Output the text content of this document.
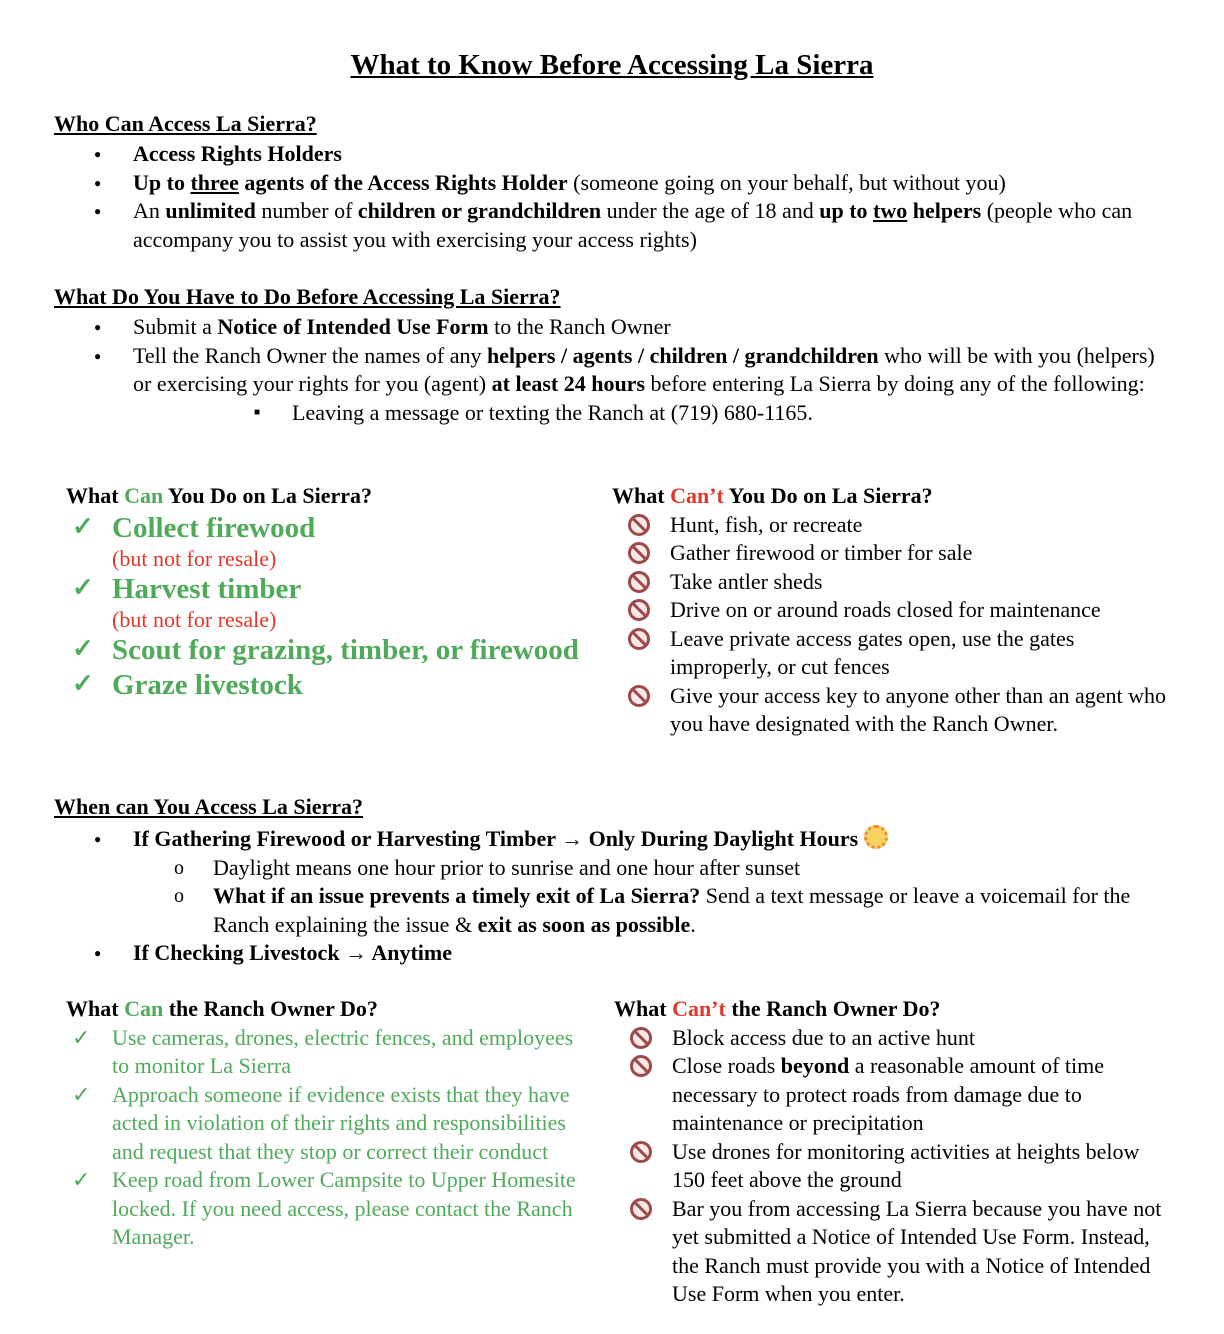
What to Know Before Accessing La Sierra
Who Can Access La Sierra?
● Access Rights Holders
● Up to three agents of the Access Rights Holder (someone going on your behalf, but without you)
● An unlimited number of children or grandchildren under the age of 18 and up to two helpers (people who can accompany you to assist you with exercising your access rights)
What Do You Have to Do Before Accessing La Sierra?
● Submit a Notice of Intended Use Form to the Ranch Owner
● Tell the Ranch Owner the names of any helpers / agents / children / grandchildren who will be with you (helpers) or exercising your rights for you (agent) at least 24 hours before entering La Sierra by doing any of the following:
■ Leaving a message or texting the Ranch at (719) 680-1165.
What Can You Do on La Sierra?
✓ Collect firewood
(but not for resale)
✓ Harvest timber
(but not for resale)
✓ Scout for grazing, timber, or firewood
✓ Graze livestock
What Can’t You Do on La Sierra?
Hunt, fish, or recreate
Gather firewood or timber for sale
Take antler sheds
Drive on or around roads closed for maintenance
Leave private access gates open, use the gates improperly, or cut fences
Give your access key to anyone other than an agent who you have designated with the Ranch Owner.
When can You Access La Sierra?
● If Gathering Firewood or Harvesting Timber → Only During Daylight Hours
o Daylight means one hour prior to sunrise and one hour after sunset
o What if an issue prevents a timely exit of La Sierra? Send a text message or leave a voicemail for the Ranch explaining the issue & exit as soon as possible.
● If Checking Livestock → Anytime
What Can the Ranch Owner Do?
✓ Use cameras, drones, electric fences, and employees to monitor La Sierra
✓ Approach someone if evidence exists that they have acted in violation of their rights and responsibilities and request that they stop or correct their conduct
✓ Keep road from Lower Campsite to Upper Homesite locked. If you need access, please contact the Ranch Manager.
What Can’t the Ranch Owner Do?
Block access due to an active hunt
Close roads beyond a reasonable amount of time necessary to protect roads from damage due to maintenance or precipitation
Use drones for monitoring activities at heights below 150 feet above the ground
Bar you from accessing La Sierra because you have not yet submitted a Notice of Intended Use Form. Instead, the Ranch must provide you with a Notice of Intended Use Form when you enter.
